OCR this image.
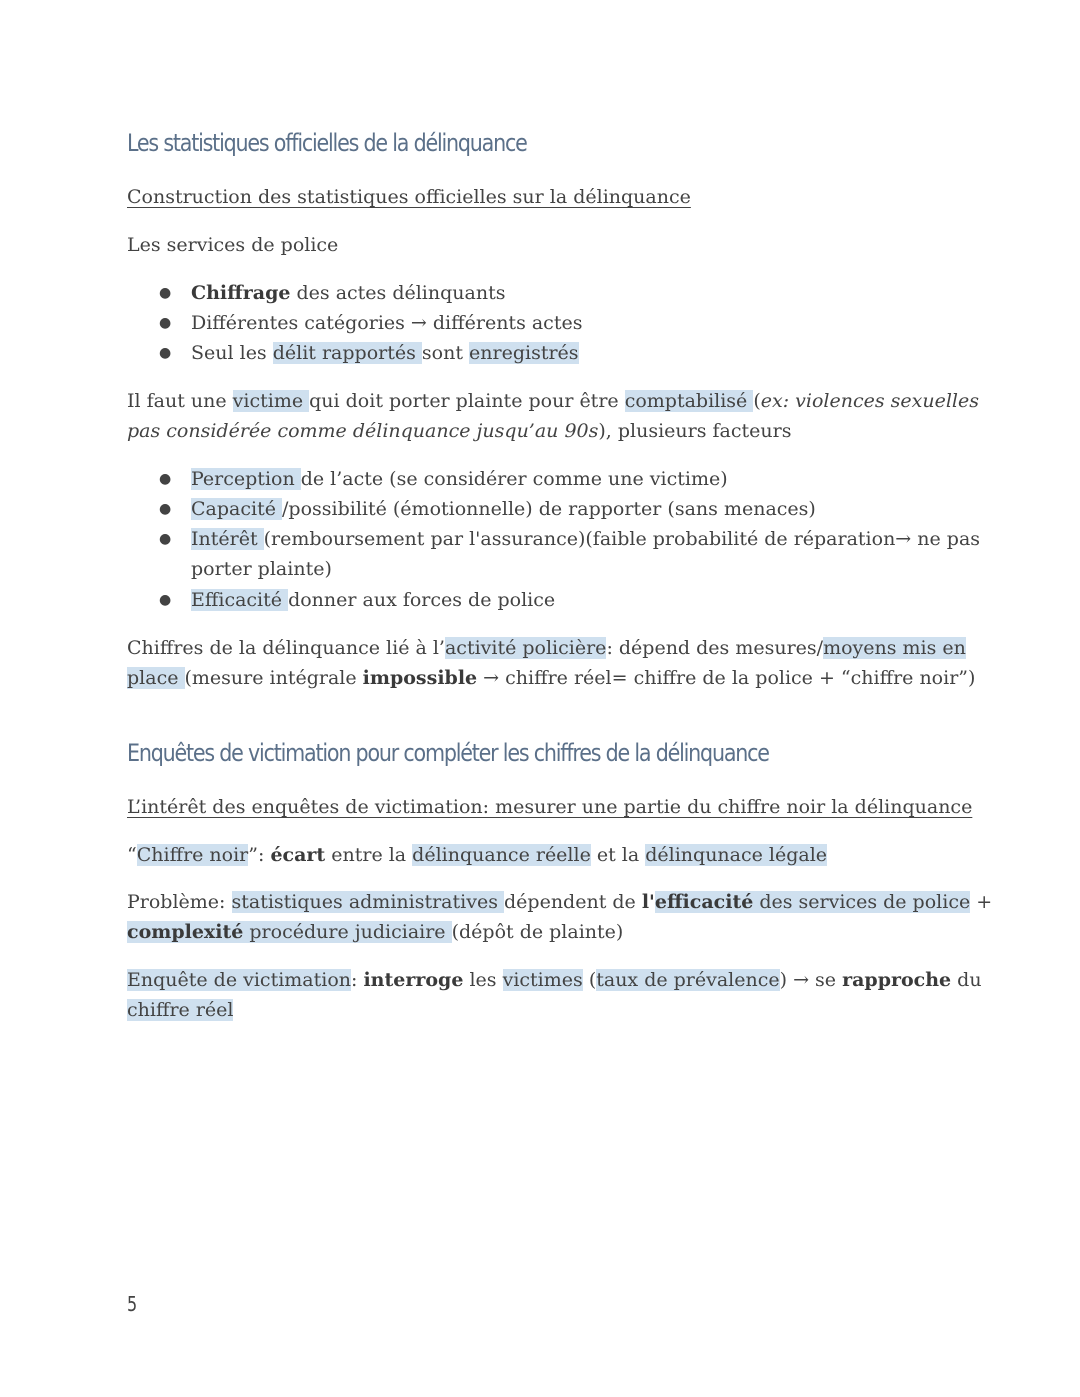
Les statistiques officielles de la délinquance
Construction des statistiques officielles sur la délinquance
Les services de police
● Chiffrage des actes délinquants
● Différentes catégories → différents actes
● Seul les délit rapportés sont enregistrés
Il faut une victime qui doit porter plainte pour être comptabilisé (ex: violences sexuelles
pas considérée comme délinquance jusqu’au 90s), plusieurs facteurs
● Perception de l’acte (se considérer comme une victime)
● Capacité /possibilité (émotionnelle) de rapporter (sans menaces)
● Intérêt (remboursement par l'assurance)(faible probabilité de réparation→ ne pas
porter plainte)
● Efficacité donner aux forces de police
Chiffres de la délinquance lié à l’activité policière: dépend des mesures/moyens mis en
place (mesure intégrale impossible → chiffre réel= chiffre de la police + “chiffre noir”)
Enquêtes de victimation pour compléter les chiffres de la délinquance
L’intérêt des enquêtes de victimation: mesurer une partie du chiffre noir la délinquance
“Chiffre noir”: écart entre la délinquance réelle et la délinqunace légale
Problème: statistiques administratives dépendent de l'efficacité des services de police +
complexité procédure judiciaire (dépôt de plainte)
Enquête de victimation: interroge les victimes (taux de prévalence) → se rapproche du
chiffre réel
5
